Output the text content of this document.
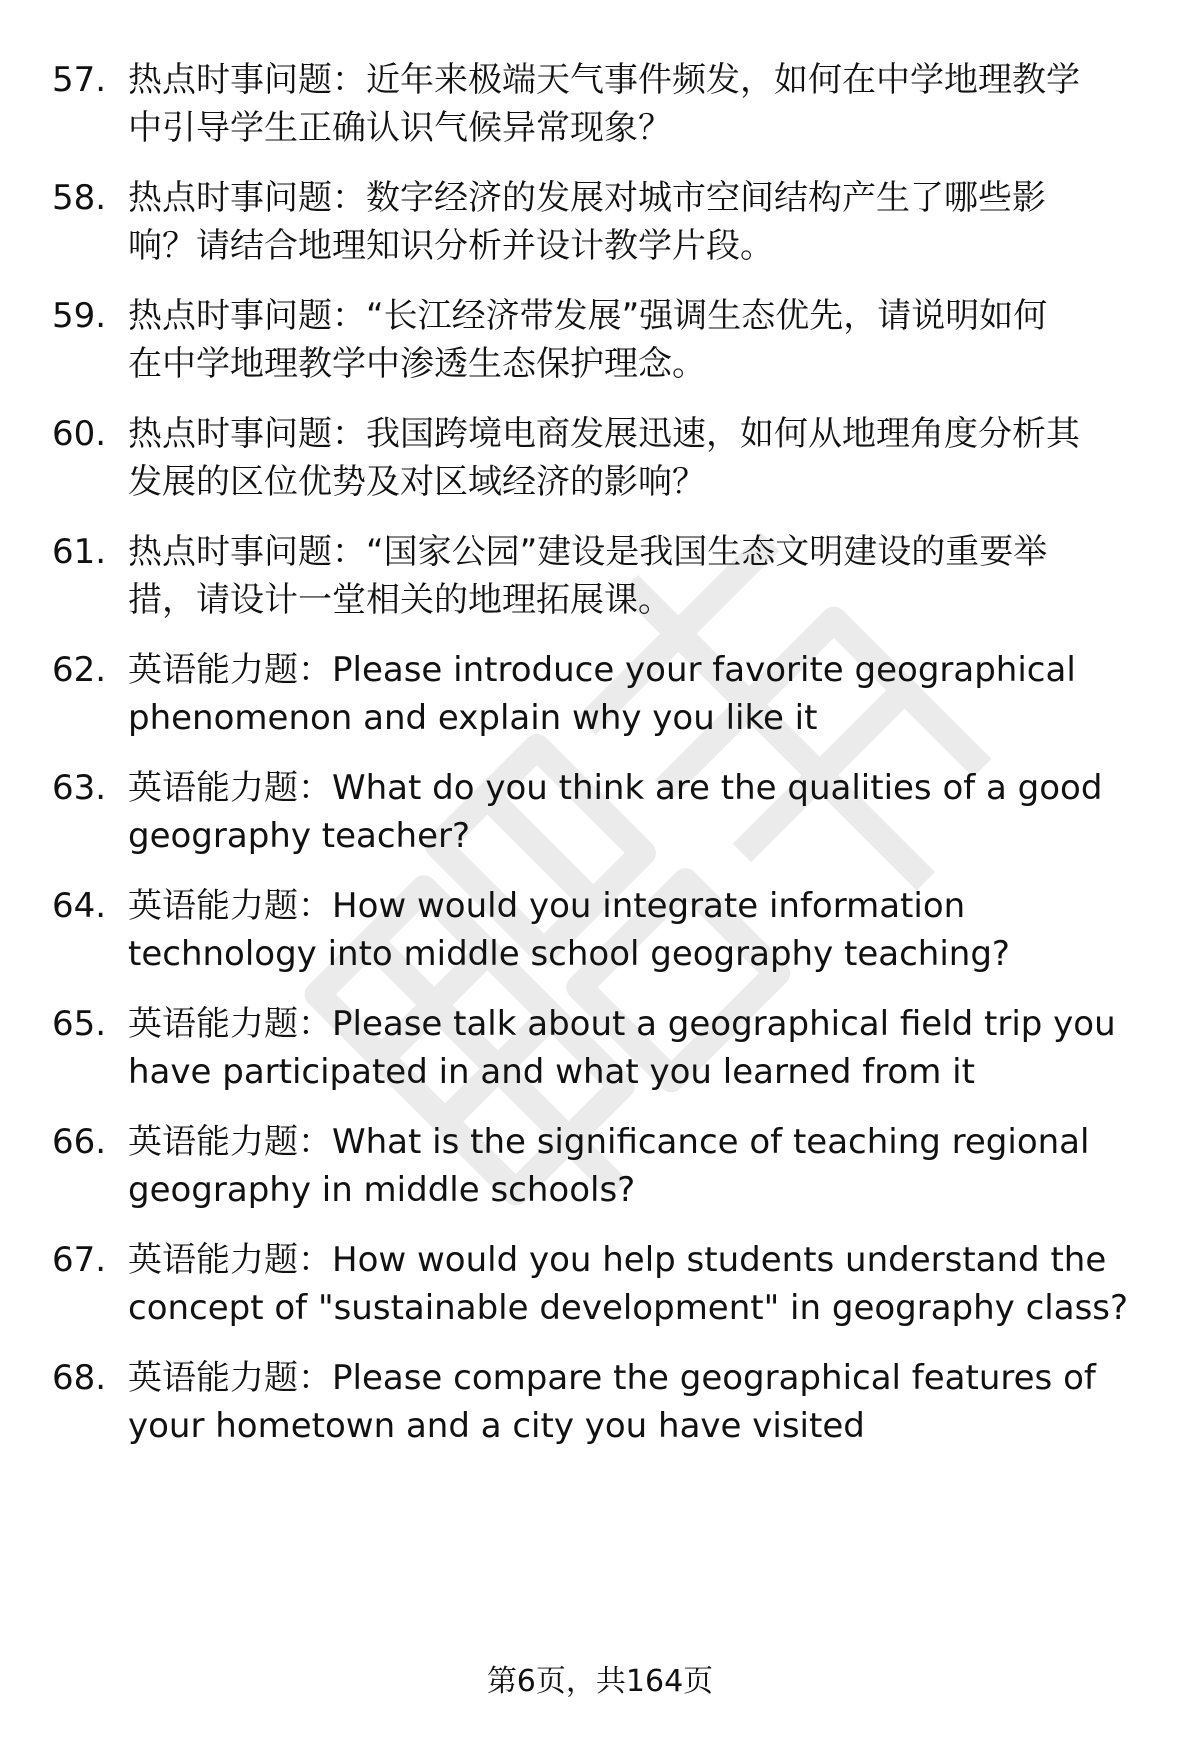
57. 热点时事问题：近年来极端天气事件频发，如何在中学地理教学
中引导学生正确认识气候异常现象？
58. 热点时事问题：数字经济的发展对城市空间结构产生了哪些影
响？请结合地理知识分析并设计教学片段。
59. 热点时事问题：“长江经济带发展”强调生态优先，请说明如何
在中学地理教学中渗透生态保护理念。
60. 热点时事问题：我国跨境电商发展迅速，如何从地理角度分析其
发展的区位优势及对区域经济的影响？
61. 热点时事问题：“国家公园”建设是我国生态文明建设的重要举
措，请设计一堂相关的地理拓展课。
62. 英语能力题：Please introduce your favorite geographical
phenomenon and explain why you like it
63. 英语能力题：What do you think are the qualities of a good
geography teacher?
64. 英语能力题：How would you integrate information
technology into middle school geography teaching?
65. 英语能力题：Please talk about a geographical field trip you
have participated in and what you learned from it
66. 英语能力题：What is the significance of teaching regional
geography in middle schools?
67. 英语能力题：How would you help students understand the
concept of "sustainable development" in geography class?
68. 英语能力题：Please compare the geographical features of
your hometown and a city you have visited
第6页，共164页
